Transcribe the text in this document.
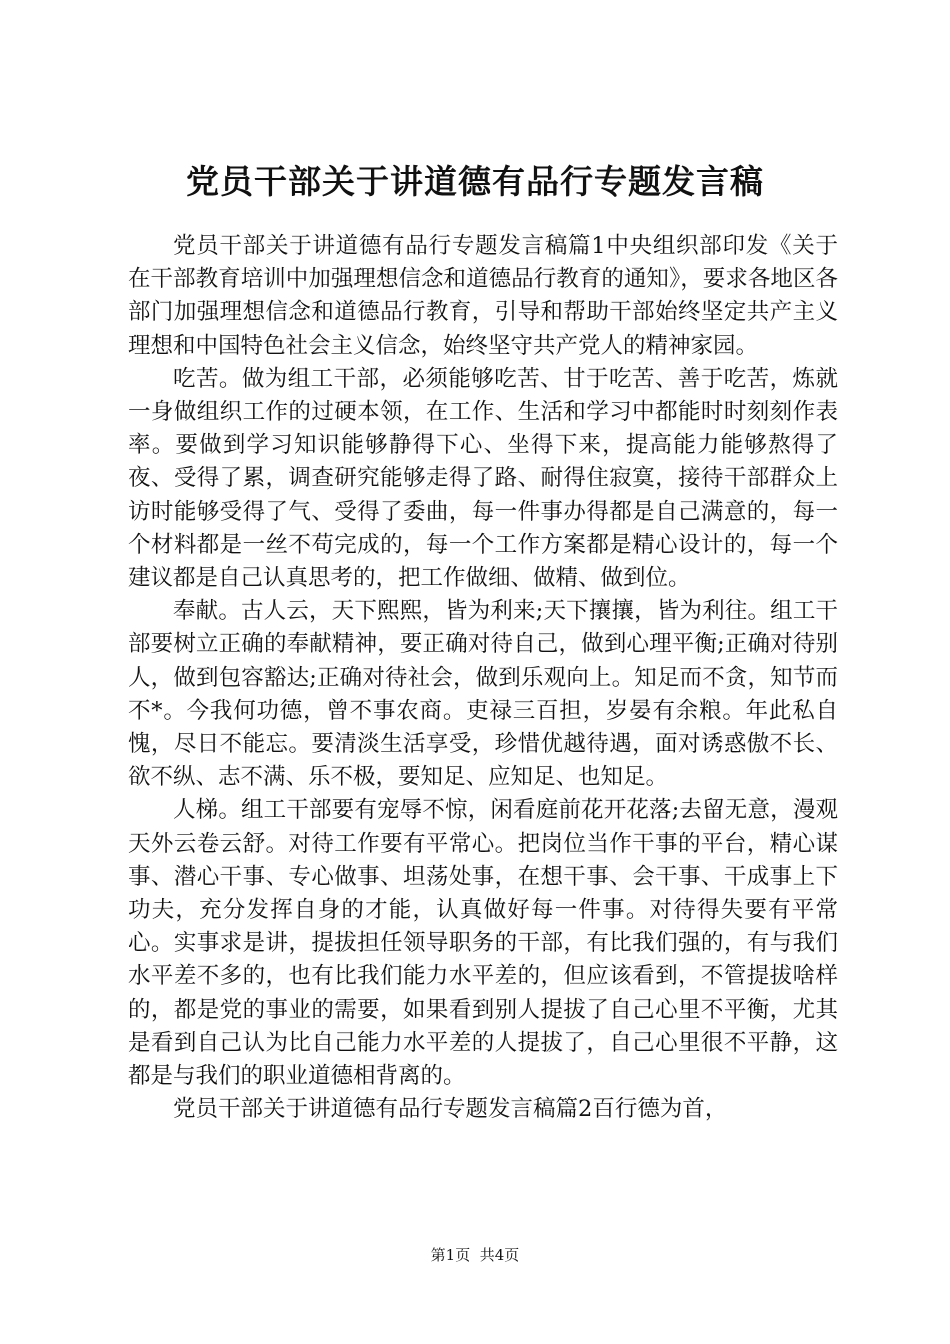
党员干部关于讲道德有品行专题发言稿

党员干部关于讲道德有品行专题发言稿篇1中央组织部印发《关于在干部教育培训中加强理想信念和道德品行教育的通知》，要求各地区各部门加强理想信念和道德品行教育，引导和帮助干部始终坚定共产主义理想和中国特色社会主义信念，始终坚守共产党人的精神家园。

吃苦。做为组工干部，必须能够吃苦、甘于吃苦、善于吃苦，炼就一身做组织工作的过硬本领，在工作、生活和学习中都能时时刻刻作表率。要做到学习知识能够静得下心、坐得下来，提高能力能够熬得了夜、受得了累，调查研究能够走得了路、耐得住寂寞，接待干部群众上访时能够受得了气、受得了委曲，每一件事办得都是自己满意的，每一个材料都是一丝不苟完成的，每一个工作方案都是精心设计的，每一个建议都是自己认真思考的，把工作做细、做精、做到位。

奉献。古人云，天下熙熙，皆为利来;天下攘攘，皆为利往。组工干部要树立正确的奉献精神，要正确对待自己，做到心理平衡;正确对待别人，做到包容豁达;正确对待社会，做到乐观向上。知足而不贪，知节而不*。今我何功德，曾不事农商。吏禄三百担，岁晏有余粮。年此私自愧，尽日不能忘。要清淡生活享受，珍惜优越待遇，面对诱惑傲不长、欲不纵、志不满、乐不极，要知足、应知足、也知足。

人梯。组工干部要有宠辱不惊，闲看庭前花开花落;去留无意，漫观天外云卷云舒。对待工作要有平常心。把岗位当作干事的平台，精心谋事、潜心干事、专心做事、坦荡处事，在想干事、会干事、干成事上下功夫，充分发挥自身的才能，认真做好每一件事。对待得失要有平常心。实事求是讲，提拔担任领导职务的干部，有比我们强的，有与我们水平差不多的，也有比我们能力水平差的，但应该看到，不管提拔啥样的，都是党的事业的需要，如果看到别人提拔了自己心里不平衡，尤其是看到自己认为比自己能力水平差的人提拔了，自己心里很不平静，这都是与我们的职业道德相背离的。

党员干部关于讲道德有品行专题发言稿篇2百行德为首，

第1页 共4页
